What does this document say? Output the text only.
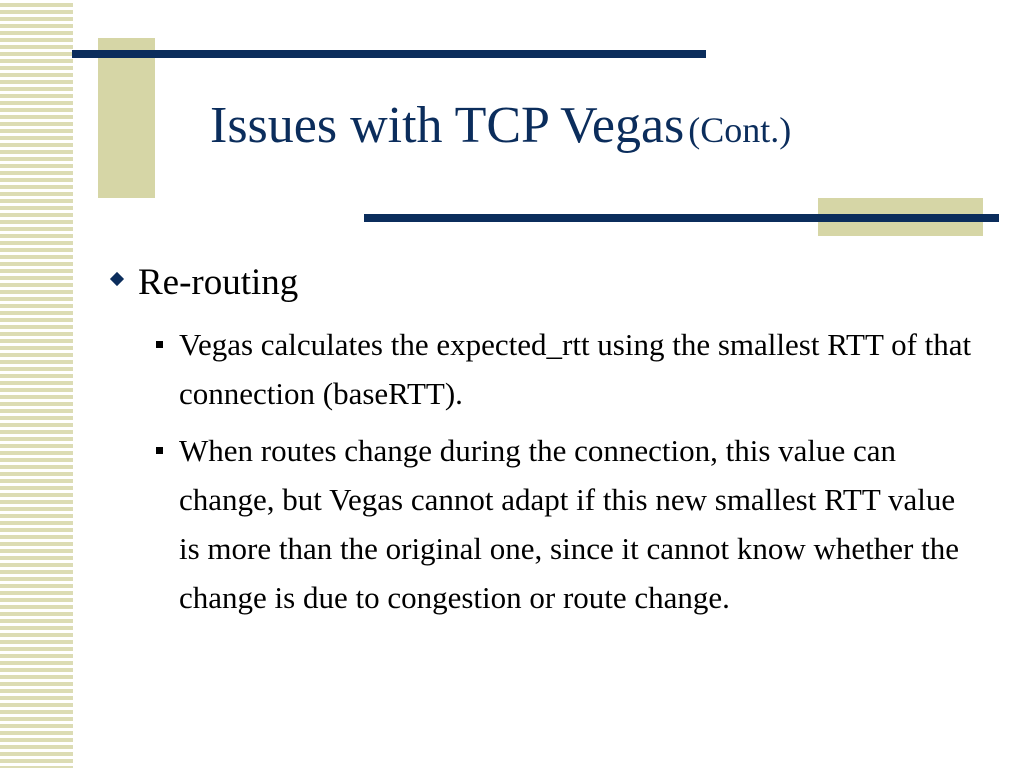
Issues with TCP Vegas (Cont.)
Re-routing
Vegas calculates the expected_rtt using the smallest RTT of that connection (baseRTT).
When routes change during the connection, this value can change, but Vegas cannot adapt if this new smallest RTT value is more than the original one, since it cannot know whether the change is due to congestion or route change.
